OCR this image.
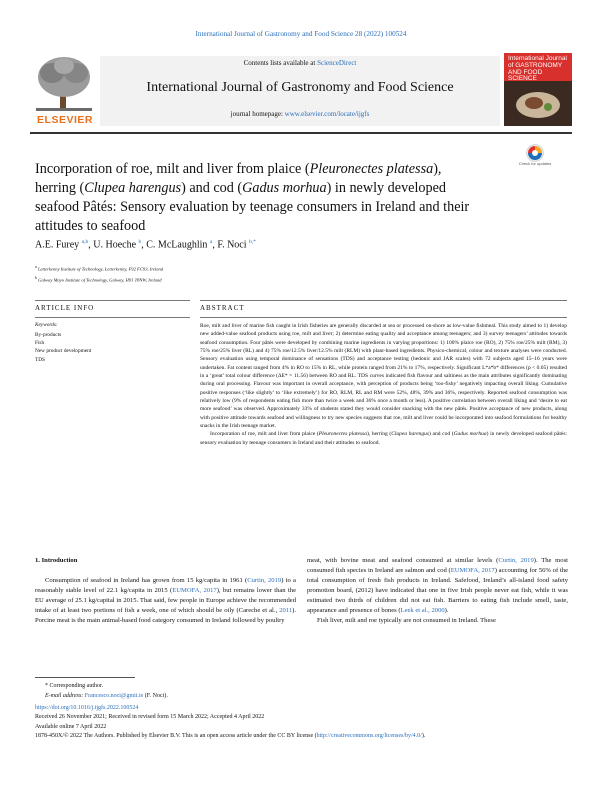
International Journal of Gastronomy and Food Science 28 (2022) 100524
ELSEVIER
Contents lists available at ScienceDirect
International Journal of Gastronomy and Food Science
journal homepage: www.elsevier.com/locate/ijgfs
International Journal of GASTRONOMY AND FOOD SCIENCE
Incorporation of roe, milt and liver from plaice (Pleuronectes platessa), herring (Clupea harengus) and cod (Gadus morhua) in newly developed seafood Pâtés: Sensory evaluation by teenage consumers in Ireland and their attitudes to seafood
Check for updates
A.E. Furey $^{a,b}$, U. Hoeche $^b$, C. McLaughlin $^a$, F. Noci $^{b,*}$
$^a$ Letterkenny Institute of Technology, Letterkenny, F92 FC93, Ireland
$^b$ Galway Mayo Institute of Technology, Galway, H91 T8NW, Ireland
ARTICLE INFO	ABSTRACT
Keywords:
By-products
Fish
New product development
TDS

Roe, milt and liver of marine fish caught in Irish fisheries are generally discarded at sea or processed on-shore as low-value fishmeal. This study aimed to 1) develop new added-value seafood products using roe, milt and liver; 2) determine eating quality and acceptance among teenagers; and 3) survey teenagers’ attitudes towards seafood consumption. Four pâtés were developed by combining marine ingredients in varying proportions: 1) 100% plaice roe (RO), 2) 75% roe/25% milt (RM), 3) 75% roe/25% liver (RL) and 4) 75% roe/12.5% liver/12.5% milt (RLM) with plant-based ingredients. Physico-chemical, colour and texture analyses were conducted. Sensory evaluation using temporal dominance of sensations (TDS) and acceptance testing (hedonic and JAR scales) with 72 subjects aged 15–16 years were undertaken. Fat content ranged from 4% in RO to 15% in RL, while protein ranged from 21% to 17%, respectively. Significant L*a*b* differences (p < 0.05) resulted in a ‘great’ total colour difference (ΔE* = 11.56) between RO and RL. TDS curves indicated fish flavour and saltiness as the main attributes significantly dominating during oral processing. Flavour was important in overall acceptance, with perception of products being ‘too-fishy’ negatively impacting overall liking. Cumulative positive responses (‘like slightly’ to ‘like extremely’) for RO, RLM, RL and RM were 52%, 48%, 39% and 36%, respectively. Reported seafood consumption was relatively low (9% of respondents eating fish more than twice a week and 36% once a month or less). A positive correlation between overall liking and ‘desire to eat more seafood’ was observed. Approximately 33% of students stated they would consider snacking with the new pâtés. Positive acceptance of new products, along with positive attitude towards seafood and willingness to try new species suggests that roe, milt and liver could be incorporated into seafood formulations for healthy snacks in the Irish teenage market.

Incorporation of roe, milt and liver from plaice (Pleuronectes platessa), herring (Clupea harengus) and cod (Gadus morhua) in newly developed seafood pâtés: sensory evaluation by teenage consumers in Ireland and their attitudes to seafood.

1. Introduction

Consumption of seafood in Ireland has grown from 15 kg/capita in 1961 (Curtin, 2019) to a reasonably stable level of 22.1 kg/capita in 2015 (EUMOFA, 2017), but remains lower than the EU average of 25.1 kg/capital in 2015. That said, few people in Europe achieve the recommended intake of at least two portions of fish a week, one of which should be oily (Careche et al., 2011). Porcine meat is the main animal-based food category consumed in Ireland followed by poultry

meat, with bovine meat and seafood consumed at similar levels (Curtin, 2019). The most consumed fish species in Ireland are salmon and cod (EUMOFA, 2017) accounting for 56% of the total consumption of fresh fish products in Ireland. Safefood, Ireland’s all-island food safety promotion board, (2012) have indicated that one in five Irish people never eat fish, while it was estimated two thirds of children did not eat fish. Barriers to eating fish include smell, taste, appearance and presence of bones (Leek et al., 2000).

Fish liver, milt and roe typically are not consumed in Ireland. These

* Corresponding author.
E-mail address: Francesco.noci@gmit.ie (F. Noci).
https://doi.org/10.1016/j.ijgfs.2022.100524
Received 26 November 2021; Received in revised form 15 March 2022; Accepted 4 April 2022
Available online 7 April 2022
1878-450X/© 2022 The Authors. Published by Elsevier B.V. This is an open access article under the CC BY license (http://creativecommons.org/licenses/by/4.0/).
